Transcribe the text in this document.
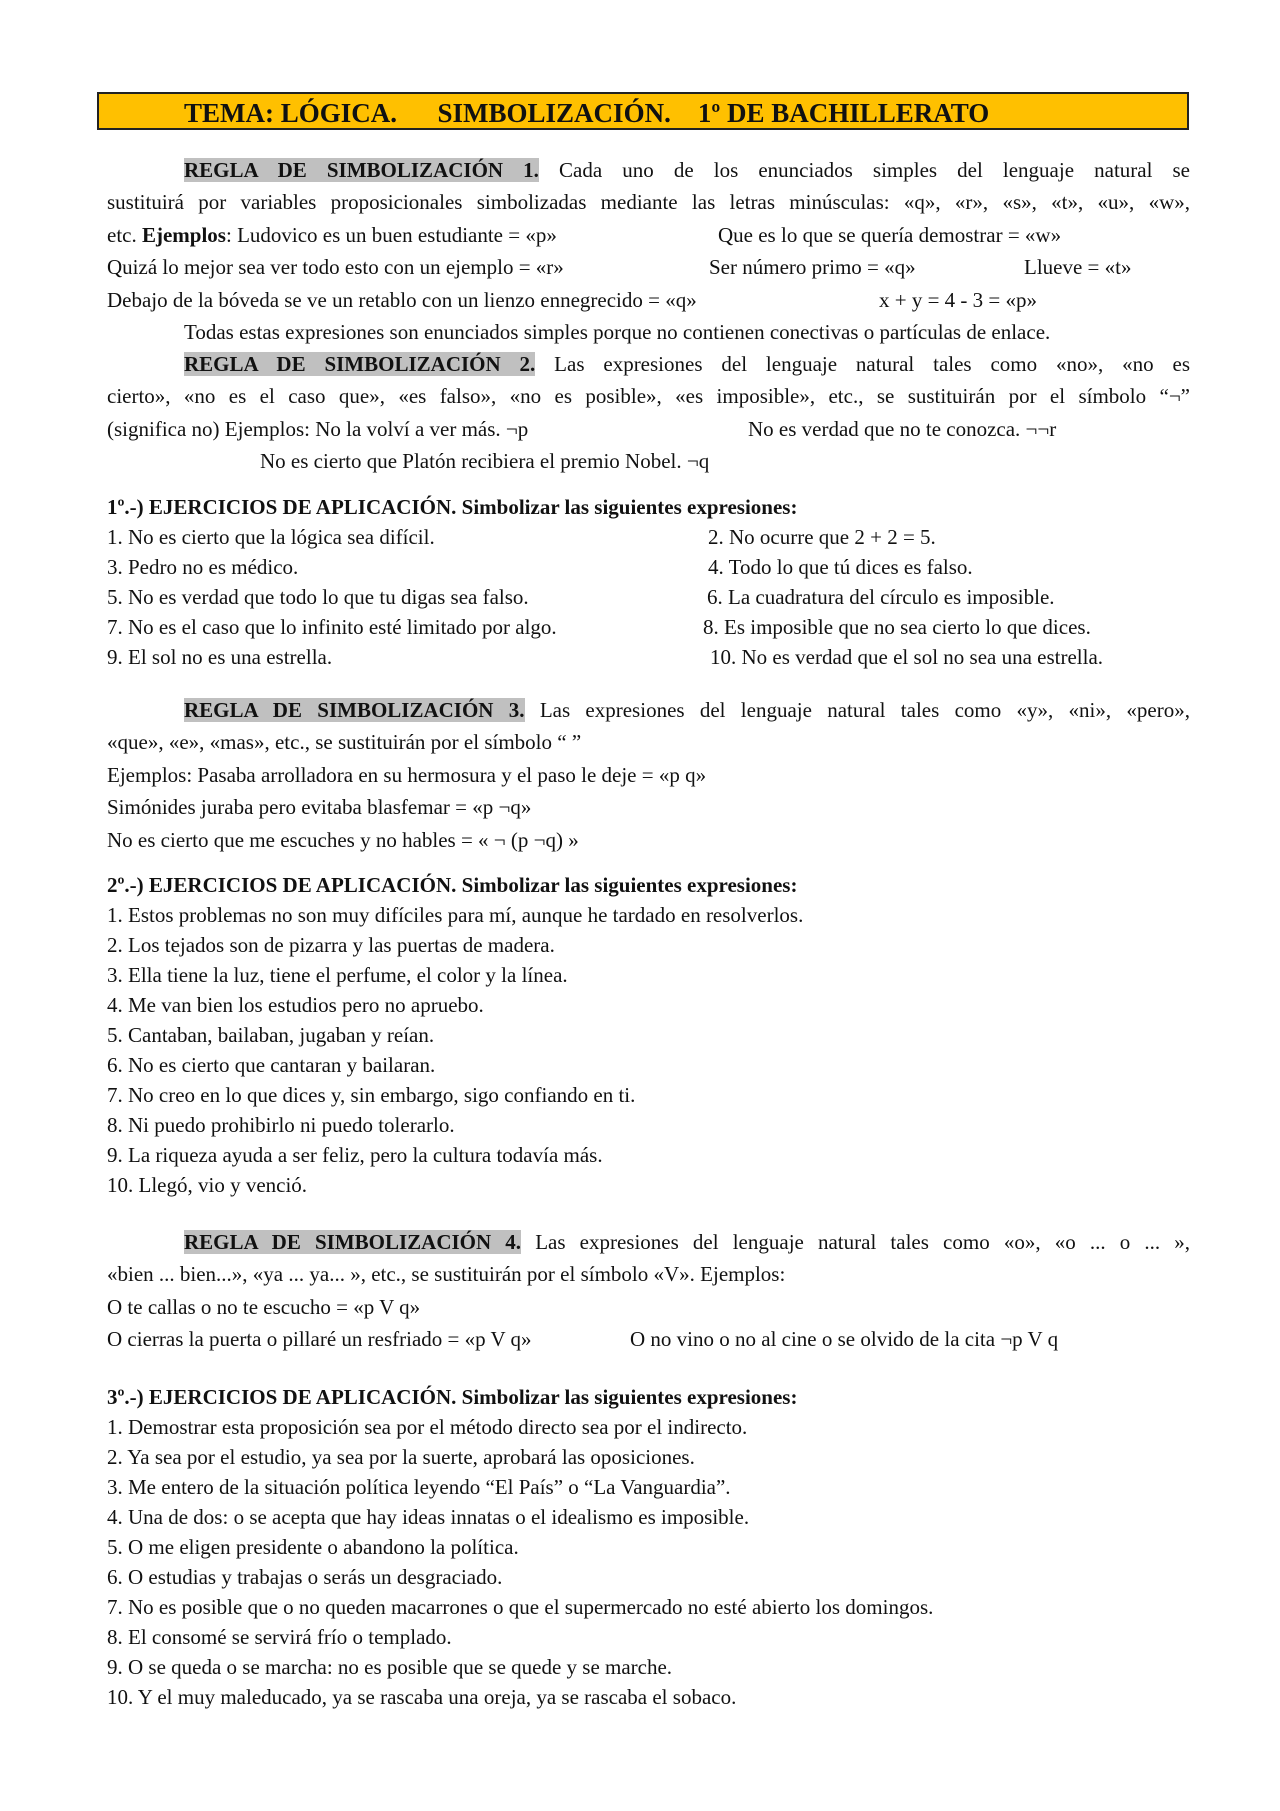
TEMA: LÓGICA. SIMBOLIZACIÓN. 1º DE BACHILLERATO
REGLA DE SIMBOLIZACIÓN 1. Cada uno de los enunciados simples del lenguaje natural se
sustituirá por variables proposicionales simbolizadas mediante las letras minúsculas: «q», «r», «s», «t», «u», «w»,
etc. Ejemplos: Ludovico es un buen estudiante = «p»	Que es lo que se quería demostrar = «w»
Quizá lo mejor sea ver todo esto con un ejemplo = «r»	Ser número primo = «q»	Llueve = «t»
Debajo de la bóveda se ve un retablo con un lienzo ennegrecido = «q»	x + y = 4 - 3 = «p»
Todas estas expresiones son enunciados simples porque no contienen conectivas o partículas de enlace.
REGLA DE SIMBOLIZACIÓN 2. Las expresiones del lenguaje natural tales como «no», «no es
cierto», «no es el caso que», «es falso», «no es posible», «es imposible», etc., se sustituirán por el símbolo “¬”
(significa no) Ejemplos: No la volví a ver más. ¬p	No es verdad que no te conozca. ¬¬r
No es cierto que Platón recibiera el premio Nobel. ¬q
1º.-) EJERCICIOS DE APLICACIÓN. Simbolizar las siguientes expresiones:
1. No es cierto que la lógica sea difícil.	2. No ocurre que 2 + 2 = 5.
3. Pedro no es médico.	4. Todo lo que tú dices es falso.
5. No es verdad que todo lo que tu digas sea falso.	6. La cuadratura del círculo es imposible.
7. No es el caso que lo infinito esté limitado por algo.	8. Es imposible que no sea cierto lo que dices.
9. El sol no es una estrella.	10. No es verdad que el sol no sea una estrella.
REGLA DE SIMBOLIZACIÓN 3. Las expresiones del lenguaje natural tales como «y», «ni», «pero»,
«que», «e», «mas», etc., se sustituirán por el símbolo “ ”
Ejemplos: Pasaba arrolladora en su hermosura y el paso le deje = «p q»
Simónides juraba pero evitaba blasfemar = «p ¬q»
No es cierto que me escuches y no hables = « ¬ (p ¬q) »
2º.-) EJERCICIOS DE APLICACIÓN. Simbolizar las siguientes expresiones:
1. Estos problemas no son muy difíciles para mí, aunque he tardado en resolverlos.
2. Los tejados son de pizarra y las puertas de madera.
3. Ella tiene la luz, tiene el perfume, el color y la línea.
4. Me van bien los estudios pero no apruebo.
5. Cantaban, bailaban, jugaban y reían.
6. No es cierto que cantaran y bailaran.
7. No creo en lo que dices y, sin embargo, sigo confiando en ti.
8. Ni puedo prohibirlo ni puedo tolerarlo.
9. La riqueza ayuda a ser feliz, pero la cultura todavía más.
10. Llegó, vio y venció.
REGLA DE SIMBOLIZACIÓN 4. Las expresiones del lenguaje natural tales como «o», «o ... o ... »,
«bien ... bien...», «ya ... ya... », etc., se sustituirán por el símbolo «V». Ejemplos:
O te callas o no te escucho = «p V q»
O cierras la puerta o pillaré un resfriado = «p V q»	O no vino o no al cine o se olvido de la cita ¬p V q
3º.-) EJERCICIOS DE APLICACIÓN. Simbolizar las siguientes expresiones:
1. Demostrar esta proposición sea por el método directo sea por el indirecto.
2. Ya sea por el estudio, ya sea por la suerte, aprobará las oposiciones.
3. Me entero de la situación política leyendo “El País” o “La Vanguardia”.
4. Una de dos: o se acepta que hay ideas innatas o el idealismo es imposible.
5. O me eligen presidente o abandono la política.
6. O estudias y trabajas o serás un desgraciado.
7. No es posible que o no queden macarrones o que el supermercado no esté abierto los domingos.
8. El consomé se servirá frío o templado.
9. O se queda o se marcha: no es posible que se quede y se marche.
10. Y el muy maleducado, ya se rascaba una oreja, ya se rascaba el sobaco.
